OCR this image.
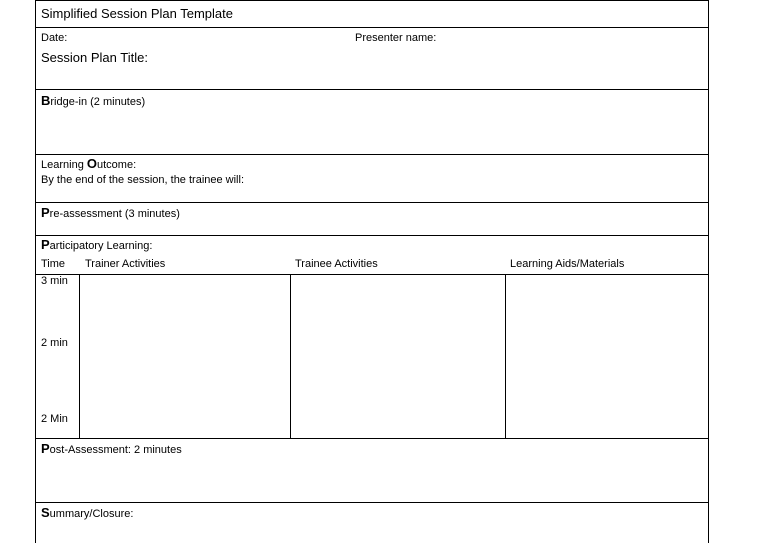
Simplified Session Plan Template
Date:	Presenter name:
Session Plan Title:
Bridge-in (2 minutes)
Learning Outcome:
By the end of the session, the trainee will:
Pre-assessment (3 minutes)
Participatory Learning:
Time Trainer Activities	Trainee Activities	Learning Aids/Materials
3 min
2 min
2 Min
Post-Assessment: 2 minutes
Summary/Closure:
